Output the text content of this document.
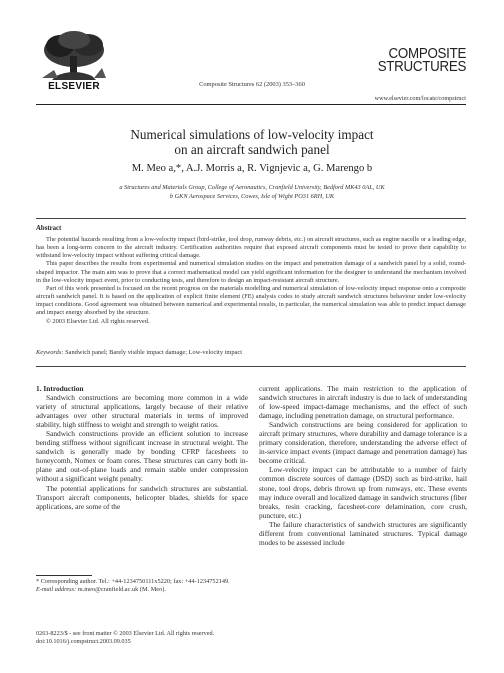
ELSEVIER	Composite Structures 62 (2003) 353–360
COMPOSITE
STRUCTURES
www.elsevier.com/locate/compstruct
Numerical simulations of low-velocity impact
on an aircraft sandwich panel
M. Meo a,*, A.J. Morris a, R. Vignjevic a, G. Marengo b
a Structures and Materials Group, College of Aeronautics, Cranfield University, Bedford MK43 0AL, UK
b GKN Aerospace Services, Cowes, Isle of Wight PO31 6RH, UK
Abstract

The potential hazards resulting from a low-velocity impact (bird-strike, tool drop, runway debris, etc.) on aircraft structures, such as engine nacelle or a leading edge, has been a long-term concern to the aircraft industry. Certification authorities require that exposed aircraft components must be tested to prove their capability to withstand low-velocity impact without suffering critical damage.

This paper describes the results from experimental and numerical simulation studies on the impact and penetration damage of a sandwich panel by a solid, round-shaped impactor. The main aim was to prove that a correct mathematical model can yield significant information for the designer to understand the mechanism involved in the low-velocity impact event, prior to conducting tests, and therefore to design an impact-resistant aircraft structure.

Part of this work presented is focused on the recent progress on the materials modelling and numerical simulation of low-velocity impact response onto a composite aircraft sandwich panel. It is based on the application of explicit finite element (FE) analysis codes to study aircraft sandwich structures behaviour under low-velocity impact conditions. Good agreement was obtained between numerical and experimental results, in particular, the numerical simulation was able to predict impact damage and impact energy absorbed by the structure.

© 2003 Elsevier Ltd. All rights reserved.

Keywords: Sandwich panel; Barely visible impact damage; Low-velocity impact

1. Introduction

Sandwich constructions are becoming more common in a wide variety of structural applications, largely because of their relative advantages over other structural materials in terms of improved stability, high stiffness to weight and strength to weight ratios.

Sandwich constructions provide an efficient solution to increase bending stiffness without significant increase in structural weight. The sandwich is generally made by bonding CFRP facesheets to honeycomb, Nomex or foam cores. These structures can carry both in-plane and out-of-plane loads and remain stable under compression without a significant weight penalty.

The potential applications for sandwich structures are substantial. Transport aircraft components, helicopter blades, shields for space applications, are some of the

current applications. The main restriction to the application of sandwich structures in aircraft industry is due to lack of understanding of low-speed impact-damage mechanisms, and the effect of such damage, including penetration damage, on structural performance.

Sandwich constructions are being considered for application to aircraft primary structures, where durability and damage tolerance is a primary consideration, therefore, understanding the adverse effect of in-service impact events (impact damage and penetration damage) has become critical.

Low-velocity impact can be attributable to a number of fairly common discrete sources of damage (DSD) such as bird-strike, hail stone, tool drops, debris thrown up from runways, etc. These events may induce overall and localized damage in sandwich structures (fiber breaks, resin cracking, facesheet-core delamination, core crush, puncture, etc.)

The failure characteristics of sandwich structures are significantly different from conventional laminated structures. Typical damage modes to be assessed include

* Corresponding author. Tel.: +44-1234750111x5220; fax: +44-1234752149.
E-mail address: m.meo@cranfield.ac.uk (M. Meo).
0263-8223/$ - see front matter © 2003 Elsevier Ltd. All rights reserved.
doi:10.1016/j.compstruct.2003.09.035
